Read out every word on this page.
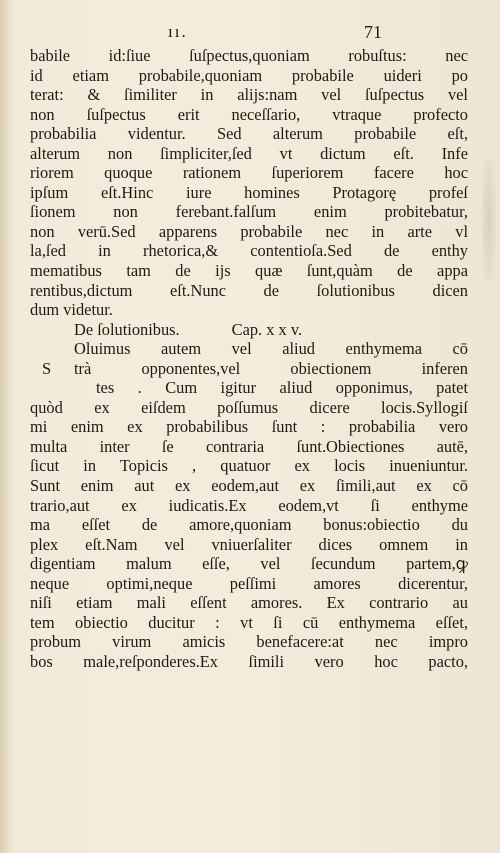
ıı.	71
babile id:ſiue ſuſpectus,quoniam robuſtus: nec
id etiam probabile,quoniam probabile uideri po
terat: & ſimiliter in alijs:nam vel ſuſpectus vel
non ſuſpectus erit neceſſario, vtraque profecto
probabilia videntur. Sed alterum probabile eſt,
alterum non ſimpliciter,ſed vt dictum eſt. Infe
riorem quoque rationem ſuperiorem facere hoc
ipſum eſt.Hinc iure homines Protagorę profeſ
ſionem non ferebant.falſum enim probitebatur,
non verū.Sed apparens probabile nec in arte vl
la,ſed in rhetorica,& contentioſa.Sed de enthy
mematibus tam de ijs quæ ſunt,quàm de appa
rentibus,dictum eſt.Nunc de ſolutionibus dicen
dum videtur.
De ſolutionibus.	Cap. x x v.
Oluimus autem vel aliud enthymema cō
S trà opponentes,vel obiectionem inferen
tes . Cum igitur aliud opponimus, patet
quòd ex eiſdem poſſumus dicere locis.Syllogiſ
mi enim ex probabilibus ſunt : probabilia vero
multa inter ſe contraria ſunt.Obiectiones autē,
ſicut in Topicis , quatuor ex locis inueniuntur.
Sunt enim aut ex eodem,aut ex ſimili,aut ex cō
trario,aut ex iudicatis.Ex eodem,vt ſi enthyme
ma eſſet de amore,quoniam bonus:obiectio du
plex eſt.Nam vel vniuerſaliter dices omnem in
digentiam malum eſſe, vel ſecundum partem,ꝙ
neque optimi,neque peſſimi amores dicerentur,
niſi etiam mali eſſent amores. Ex contrario au
tem obiectio ducitur : vt ſi cū enthymema eſſet,
probum virum amicis benefacere:at nec impro
bos male,reſponderes.Ex ſimili vero hoc pacto,
